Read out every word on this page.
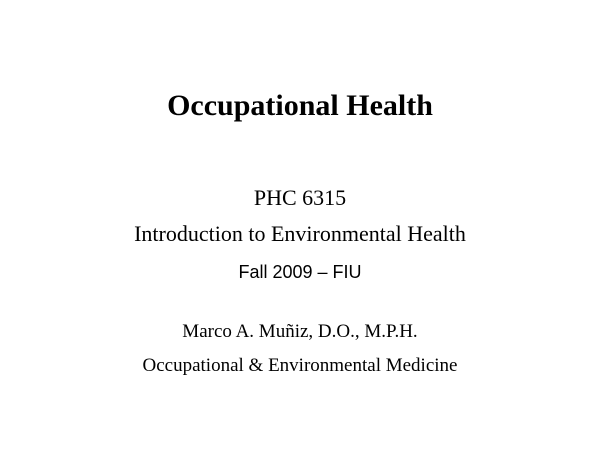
Occupational Health
PHC 6315
Introduction to Environmental Health
Fall 2009 – FIU
Marco A. Muñiz, D.O., M.P.H.
Occupational & Environmental Medicine
